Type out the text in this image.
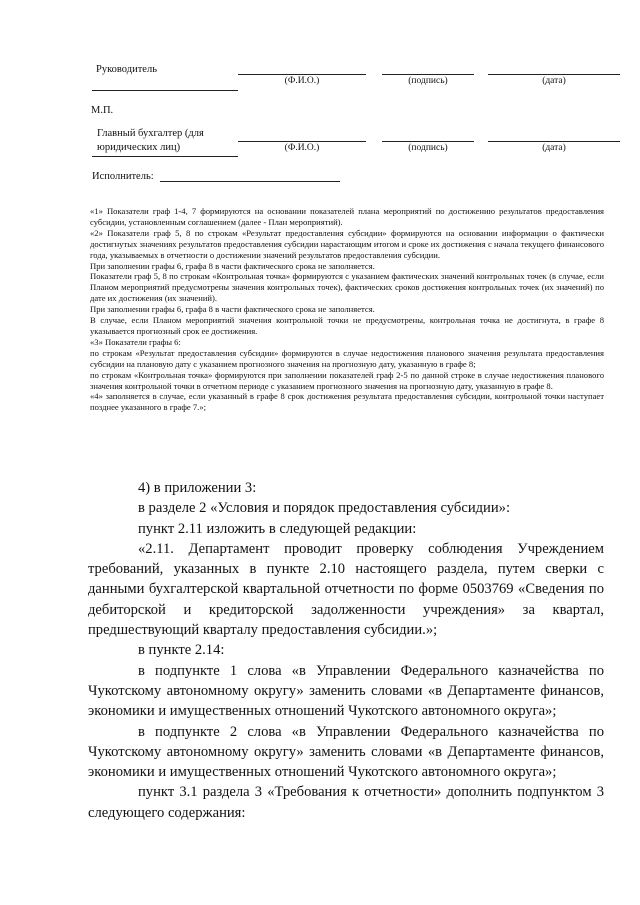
Руководитель
(Ф.И.О.)	(подпись)	(дата)
М.П.
Главный бухгалтер (для
юридических лиц)	(Ф.И.О.)	(подпись)	(дата)
Исполнитель:

«1» Показатели граф 1-4, 7 формируются на основании показателей плана мероприятий по достижению результатов предоставления субсидии, установленным соглашением (далее - План мероприятий).

«2» Показатели граф 5, 8 по строкам «Результат предоставления субсидии» формируются на основании информации о фактически достигнутых значениях результатов предоставления субсидии нарастающим итогом и сроке их достижения с начала текущего финансового года, указываемых в отчетности о достижении значений результатов предоставления субсидии.

При заполнении графы 6, графа 8 в части фактического срока не заполняется.

Показатели граф 5, 8 по строкам «Контрольная точка» формируются с указанием фактических значений контрольных точек (в случае, если Планом мероприятий предусмотрены значения контрольных точек), фактических сроков достижения контрольных точек (их значений) по дате их достижения (их значений).

При заполнении графы 6, графа 8 в части фактического срока не заполняется.

В случае, если Планом мероприятий значения контрольной точки не предусмотрены, контрольная точка не достигнута, в графе 8 указывается прогнозный срок ее достижения.

«3» Показатели графы 6:

по строкам «Результат предоставления субсидии» формируются в случае недостижения планового значения результата предоставления субсидии на плановую дату с указанием прогнозного значения на прогнозную дату, указанную в графе 8;

по строкам «Контрольная точка» формируются при заполнении показателей граф 2-5 по данной строке в случае недостижения планового значения контрольной точки в отчетном периоде с указанием прогнозного значения на прогнозную дату, указанную в графе 8.

«4» заполняется в случае, если указанный в графе 8 срок достижения результата предоставления субсидии, контрольной точки наступает позднее указанного в графе 7.»;

4) в приложении 3:

в разделе 2 «Условия и порядок предоставления субсидии»:

пункт 2.11 изложить в следующей редакции:

«2.11. Департамент проводит проверку соблюдения Учреждением требований, указанных в пункте 2.10 настоящего раздела, путем сверки с данными бухгалтерской квартальной отчетности по форме 0503769 «Сведения по дебиторской и кредиторской задолженности учреждения» за квартал, предшествующий кварталу предоставления субсидии.»;

в пункте 2.14:

в подпункте 1 слова «в Управлении Федерального казначейства по Чукотскому автономному округу» заменить словами «в Департаменте финансов, экономики и имущественных отношений Чукотского автономного округа»;

в подпункте 2 слова «в Управлении Федерального казначейства по Чукотскому автономному округу» заменить словами «в Департаменте финансов, экономики и имущественных отношений Чукотского автономного округа»;

пункт 3.1 раздела 3 «Требования к отчетности» дополнить подпунктом 3 следующего содержания:
